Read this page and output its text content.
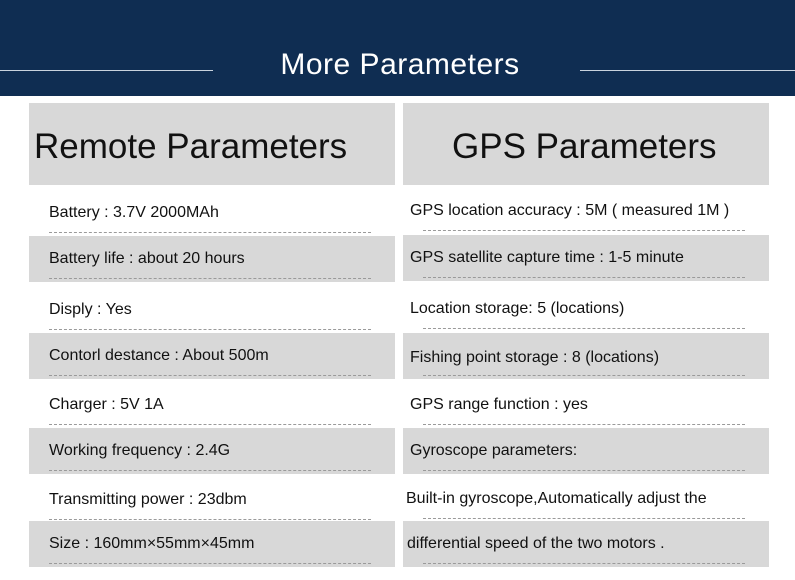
More Parameters
Remote Parameters
Battery : 3.7V 2000MAh
Battery life : about 20 hours
Disply : Yes
Contorl destance : About 500m
Charger : 5V 1A
Working frequency : 2.4G
Transmitting power : 23dbm
Size : 160mm×55mm×45mm
GPS Parameters
GPS location accuracy : 5M ( measured 1M )
GPS satellite capture time : 1-5 minute
Location storage: 5 (locations)
Fishing point storage : 8 (locations)
GPS range function : yes
Gyroscope parameters:
Built-in gyroscope,Automatically adjust the
differential speed of the two motors .
